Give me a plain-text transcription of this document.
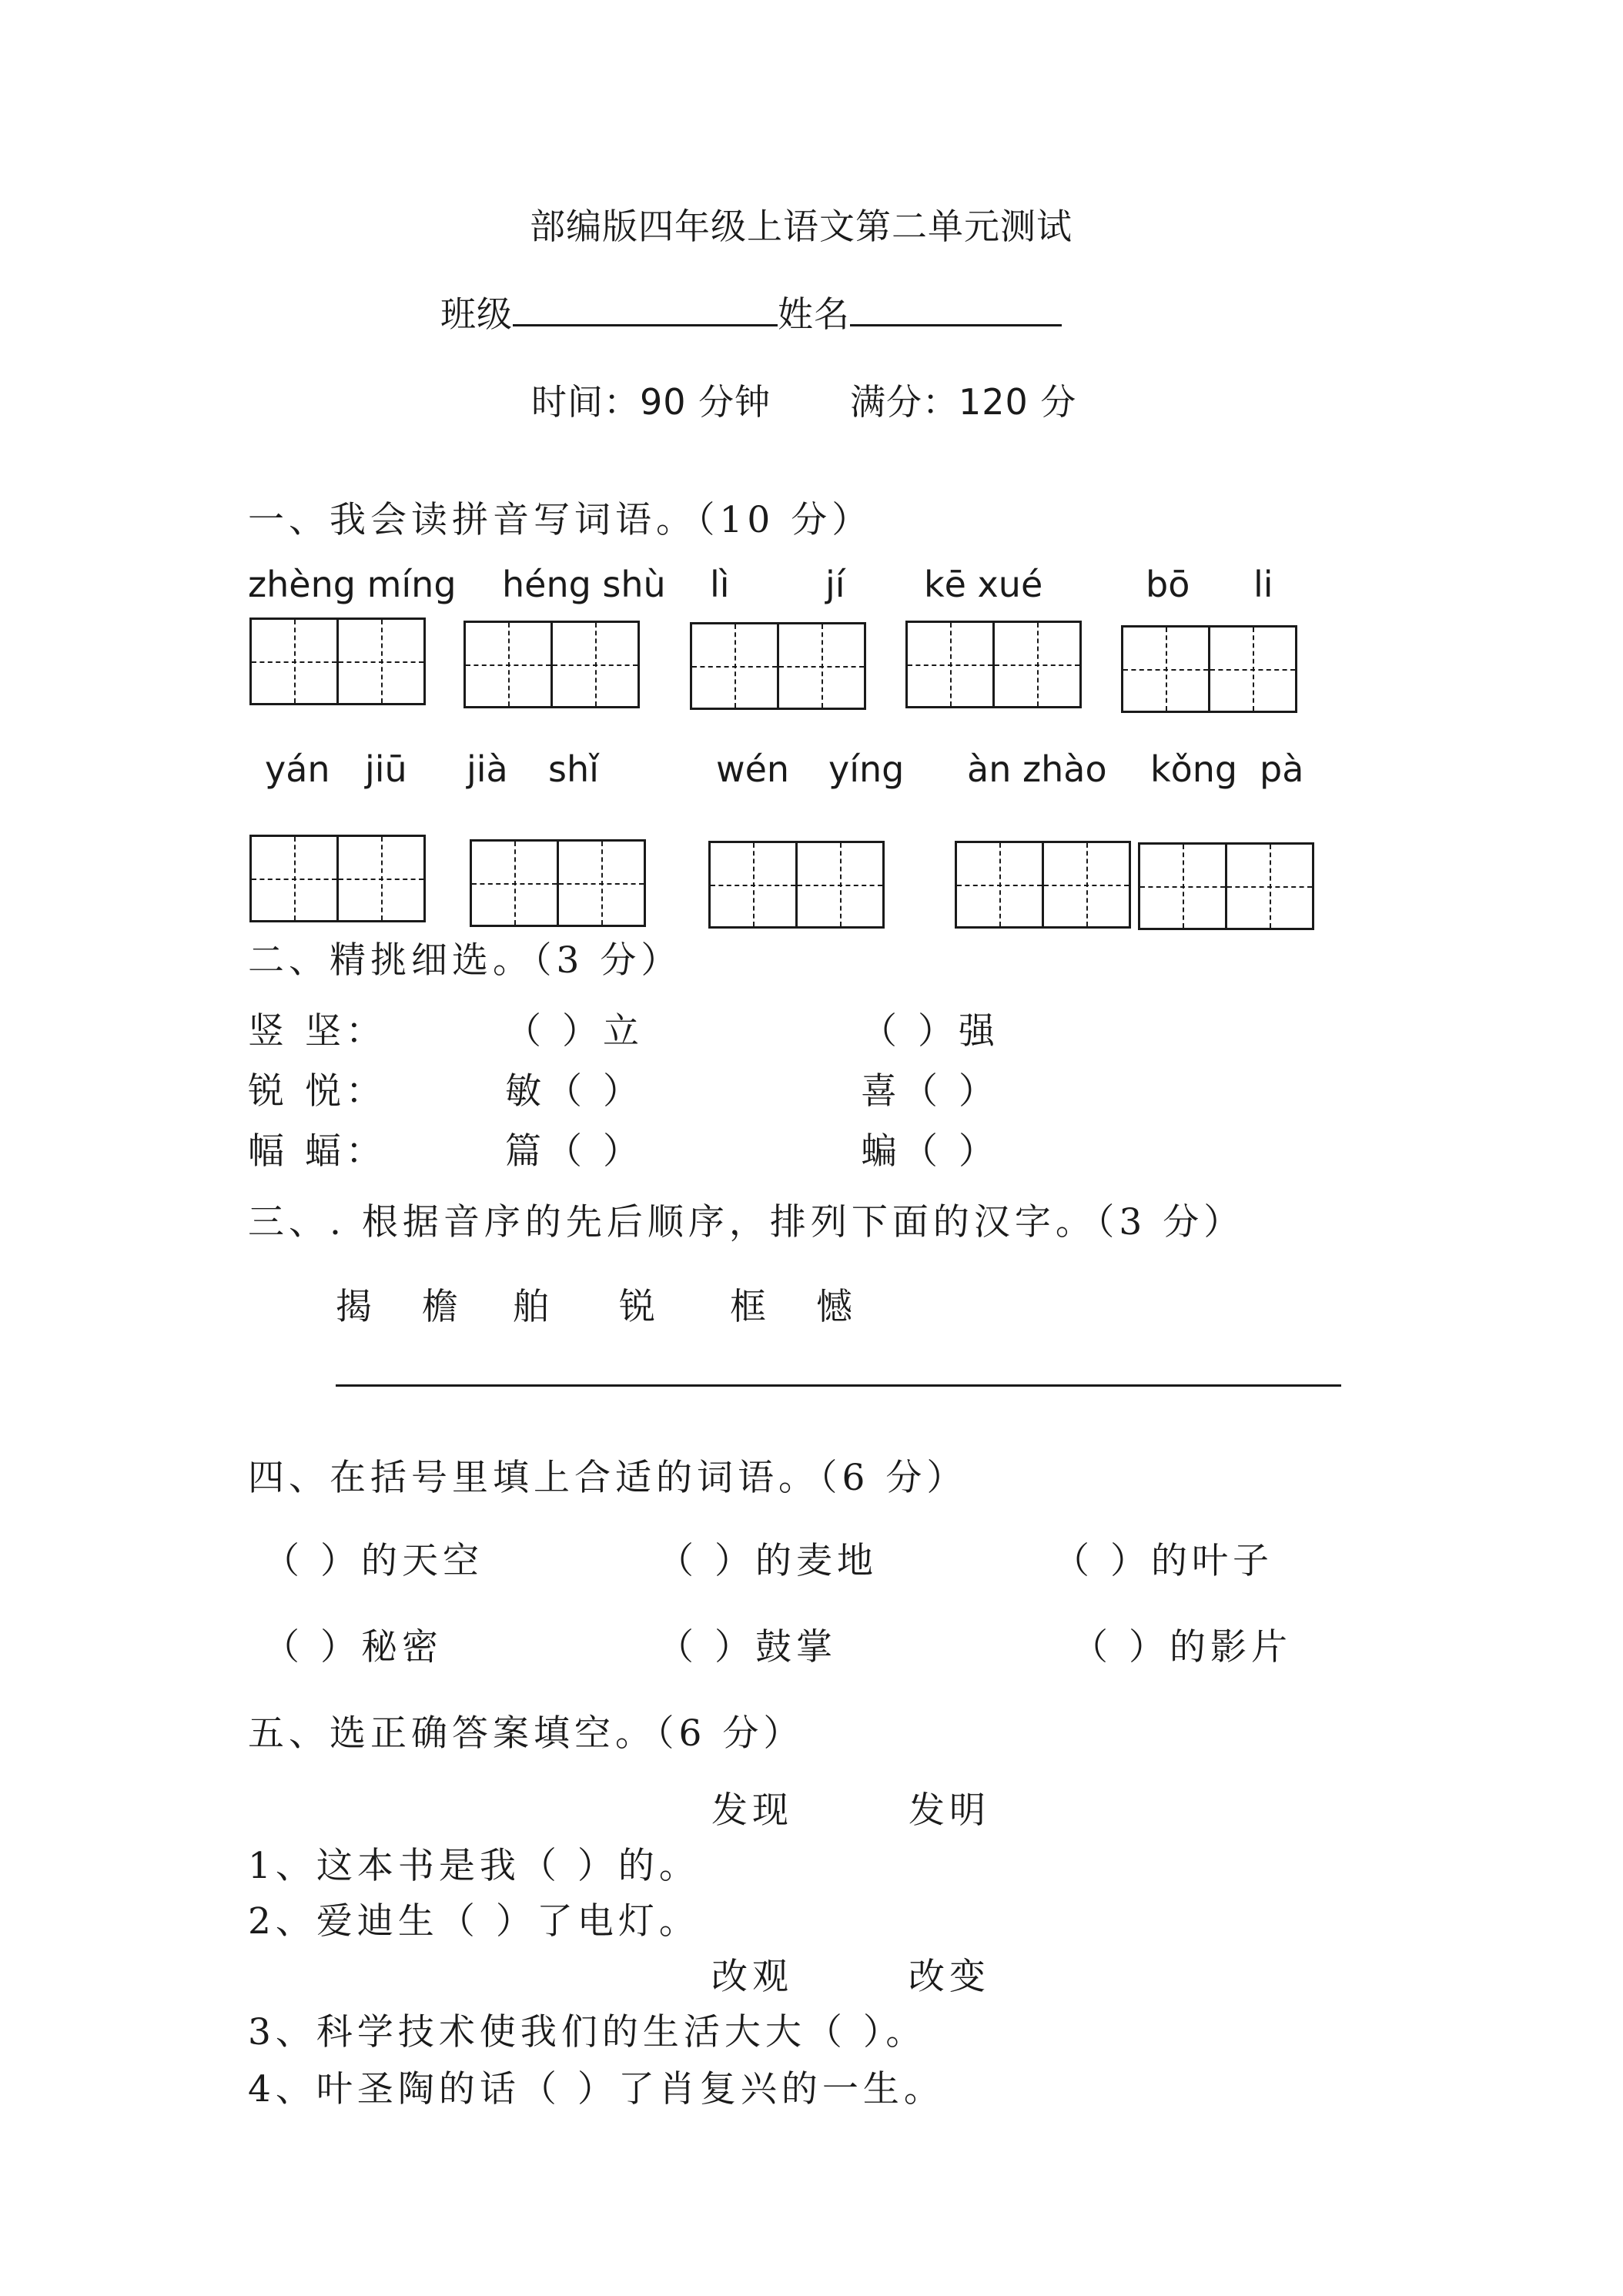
部编版四年级上语文第二单元测试
班级	姓名
时间：90 分钟 满分：120 分
一、我会读拼音写词语。（10 分）
zhèng míng héng shù lì	jí kē xué	bō li
yán jiū jià shǐ	wén yíng àn zhào kǒng pà
二、精挑细选。（3 分）
竖 坚：	（ ）立	（ ）强
锐 悦：	敏（ ）	喜（ ）
幅 蝠：	篇（ ）	蝙（ ）
三、. 根据音序的先后顺序，排列下面的汉字。（3 分）
揭 檐 舶 锐 框 憾
四、在括号里填上合适的词语。（6 分）
（ ）的天空	（ ）的麦地	（ ）的叶子
（ ）秘密	（ ）鼓掌	（ ）的影片
五、选正确答案填空。（6 分）
发现	发明
1、这本书是我（ ）的。
2、爱迪生（ ）了电灯。
改观	改变
3、科学技术使我们的生活大大（ ）。
4、叶圣陶的话（ ）了肖复兴的一生。
